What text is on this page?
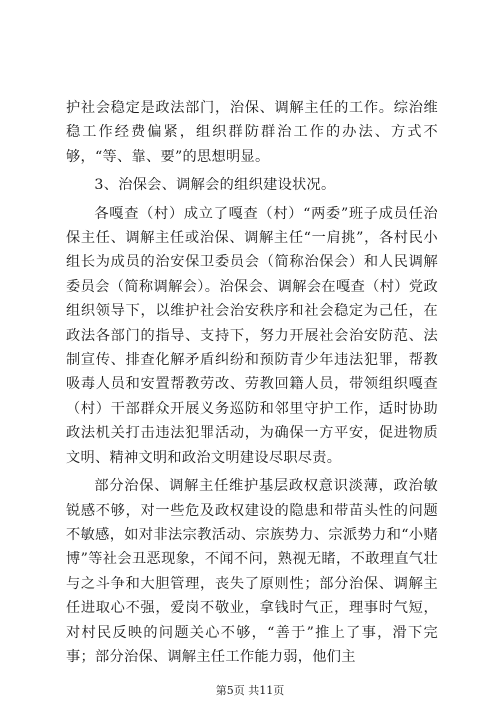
护社会稳定是政法部门，治保、调解主任的工作。综治维稳工作经费偏紧，组织群防群治工作的办法、方式不够，“等、靠、要”的思想明显。

3、治保会、调解会的组织建设状况。

各嘎查（村）成立了嘎查（村）“两委”班子成员任治保主任、调解主任或治保、调解主任“一肩挑”，各村民小组长为成员的治安保卫委员会（简称治保会）和人民调解委员会（简称调解会）。治保会、调解会在嘎查（村）党政组织领导下，以维护社会治安秩序和社会稳定为己任，在政法各部门的指导、支持下，努力开展社会治安防范、法制宣传、排查化解矛盾纠纷和预防青少年违法犯罪，帮教吸毒人员和安置帮教劳改、劳教回籍人员，带领组织嘎查（村）干部群众开展义务巡防和邻里守护工作，适时协助政法机关打击违法犯罪活动，为确保一方平安，促进物质文明、精神文明和政治文明建设尽职尽责。

部分治保、调解主任维护基层政权意识淡薄，政治敏锐感不够，对一些危及政权建设的隐患和带苗头性的问题不敏感，如对非法宗教活动、宗族势力、宗派势力和“小赌博”等社会丑恶现象，不闻不问，熟视无睹，不敢理直气壮与之斗争和大胆管理，丧失了原则性；部分治保、调解主任进取心不强，爱岗不敬业，拿钱时气正，理事时气短，对村民反映的问题关心不够，“善于”推上了事，滑下完事；部分治保、调解主任工作能力弱，他们主

第5页 共11页
